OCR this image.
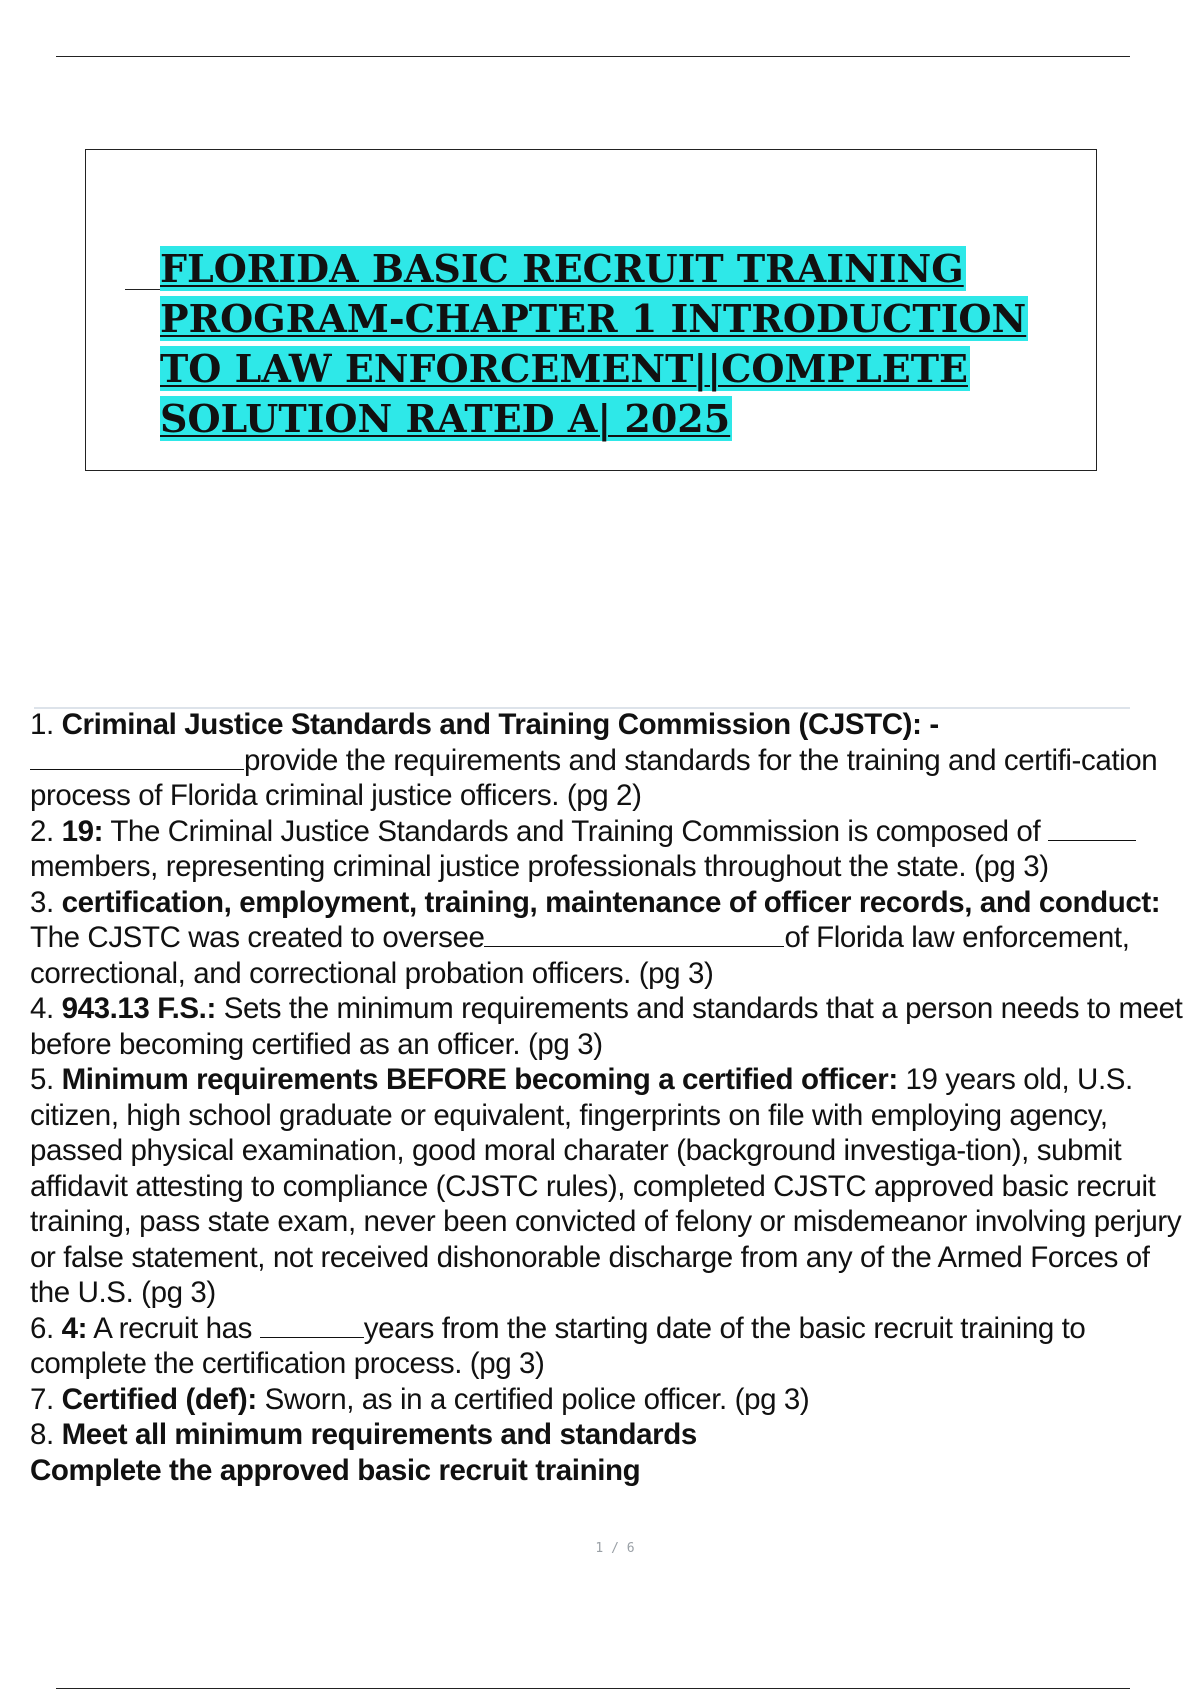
FLORIDA BASIC RECRUIT TRAINING
PROGRAM-CHAPTER 1 INTRODUCTION
TO LAW ENFORCEMENT||COMPLETE
SOLUTION RATED A| 2025

1. Criminal Justice Standards and Training Commission (CJSTC): -
provide the requirements and standards for the training and certifi-cation process of Florida criminal justice officers. (pg 2)

2. 19: The Criminal Justice Standards and Training Commission is composed of members, representing criminal justice professionals throughout the state. (pg 3)

3. certification, employment, training, maintenance of officer records, and conduct: The CJSTC was created to oversee	of Florida law enforcement, correctional, and correctional probation officers. (pg 3)

4. 943.13 F.S.: Sets the minimum requirements and standards that a person needs to meet before becoming certified as an officer. (pg 3)

5. Minimum requirements BEFORE becoming a certified officer: 19 years old, U.S. citizen, high school graduate or equivalent, fingerprints on file with employing agency, passed physical examination, good moral charater (background investiga-tion), submit affidavit attesting to compliance (CJSTC rules), completed CJSTC approved basic recruit training, pass state exam, never been convicted of felony or misdemeanor involving perjury or false statement, not received dishonorable discharge from any of the Armed Forces of the U.S. (pg 3)

6. 4: A recruit has	years from the starting date of the basic recruit training to complete the certification process. (pg 3)

7. Certified (def): Sworn, as in a certified police officer. (pg 3)

8. Meet all minimum requirements and standards
Complete the approved basic recruit training

1 / 6
